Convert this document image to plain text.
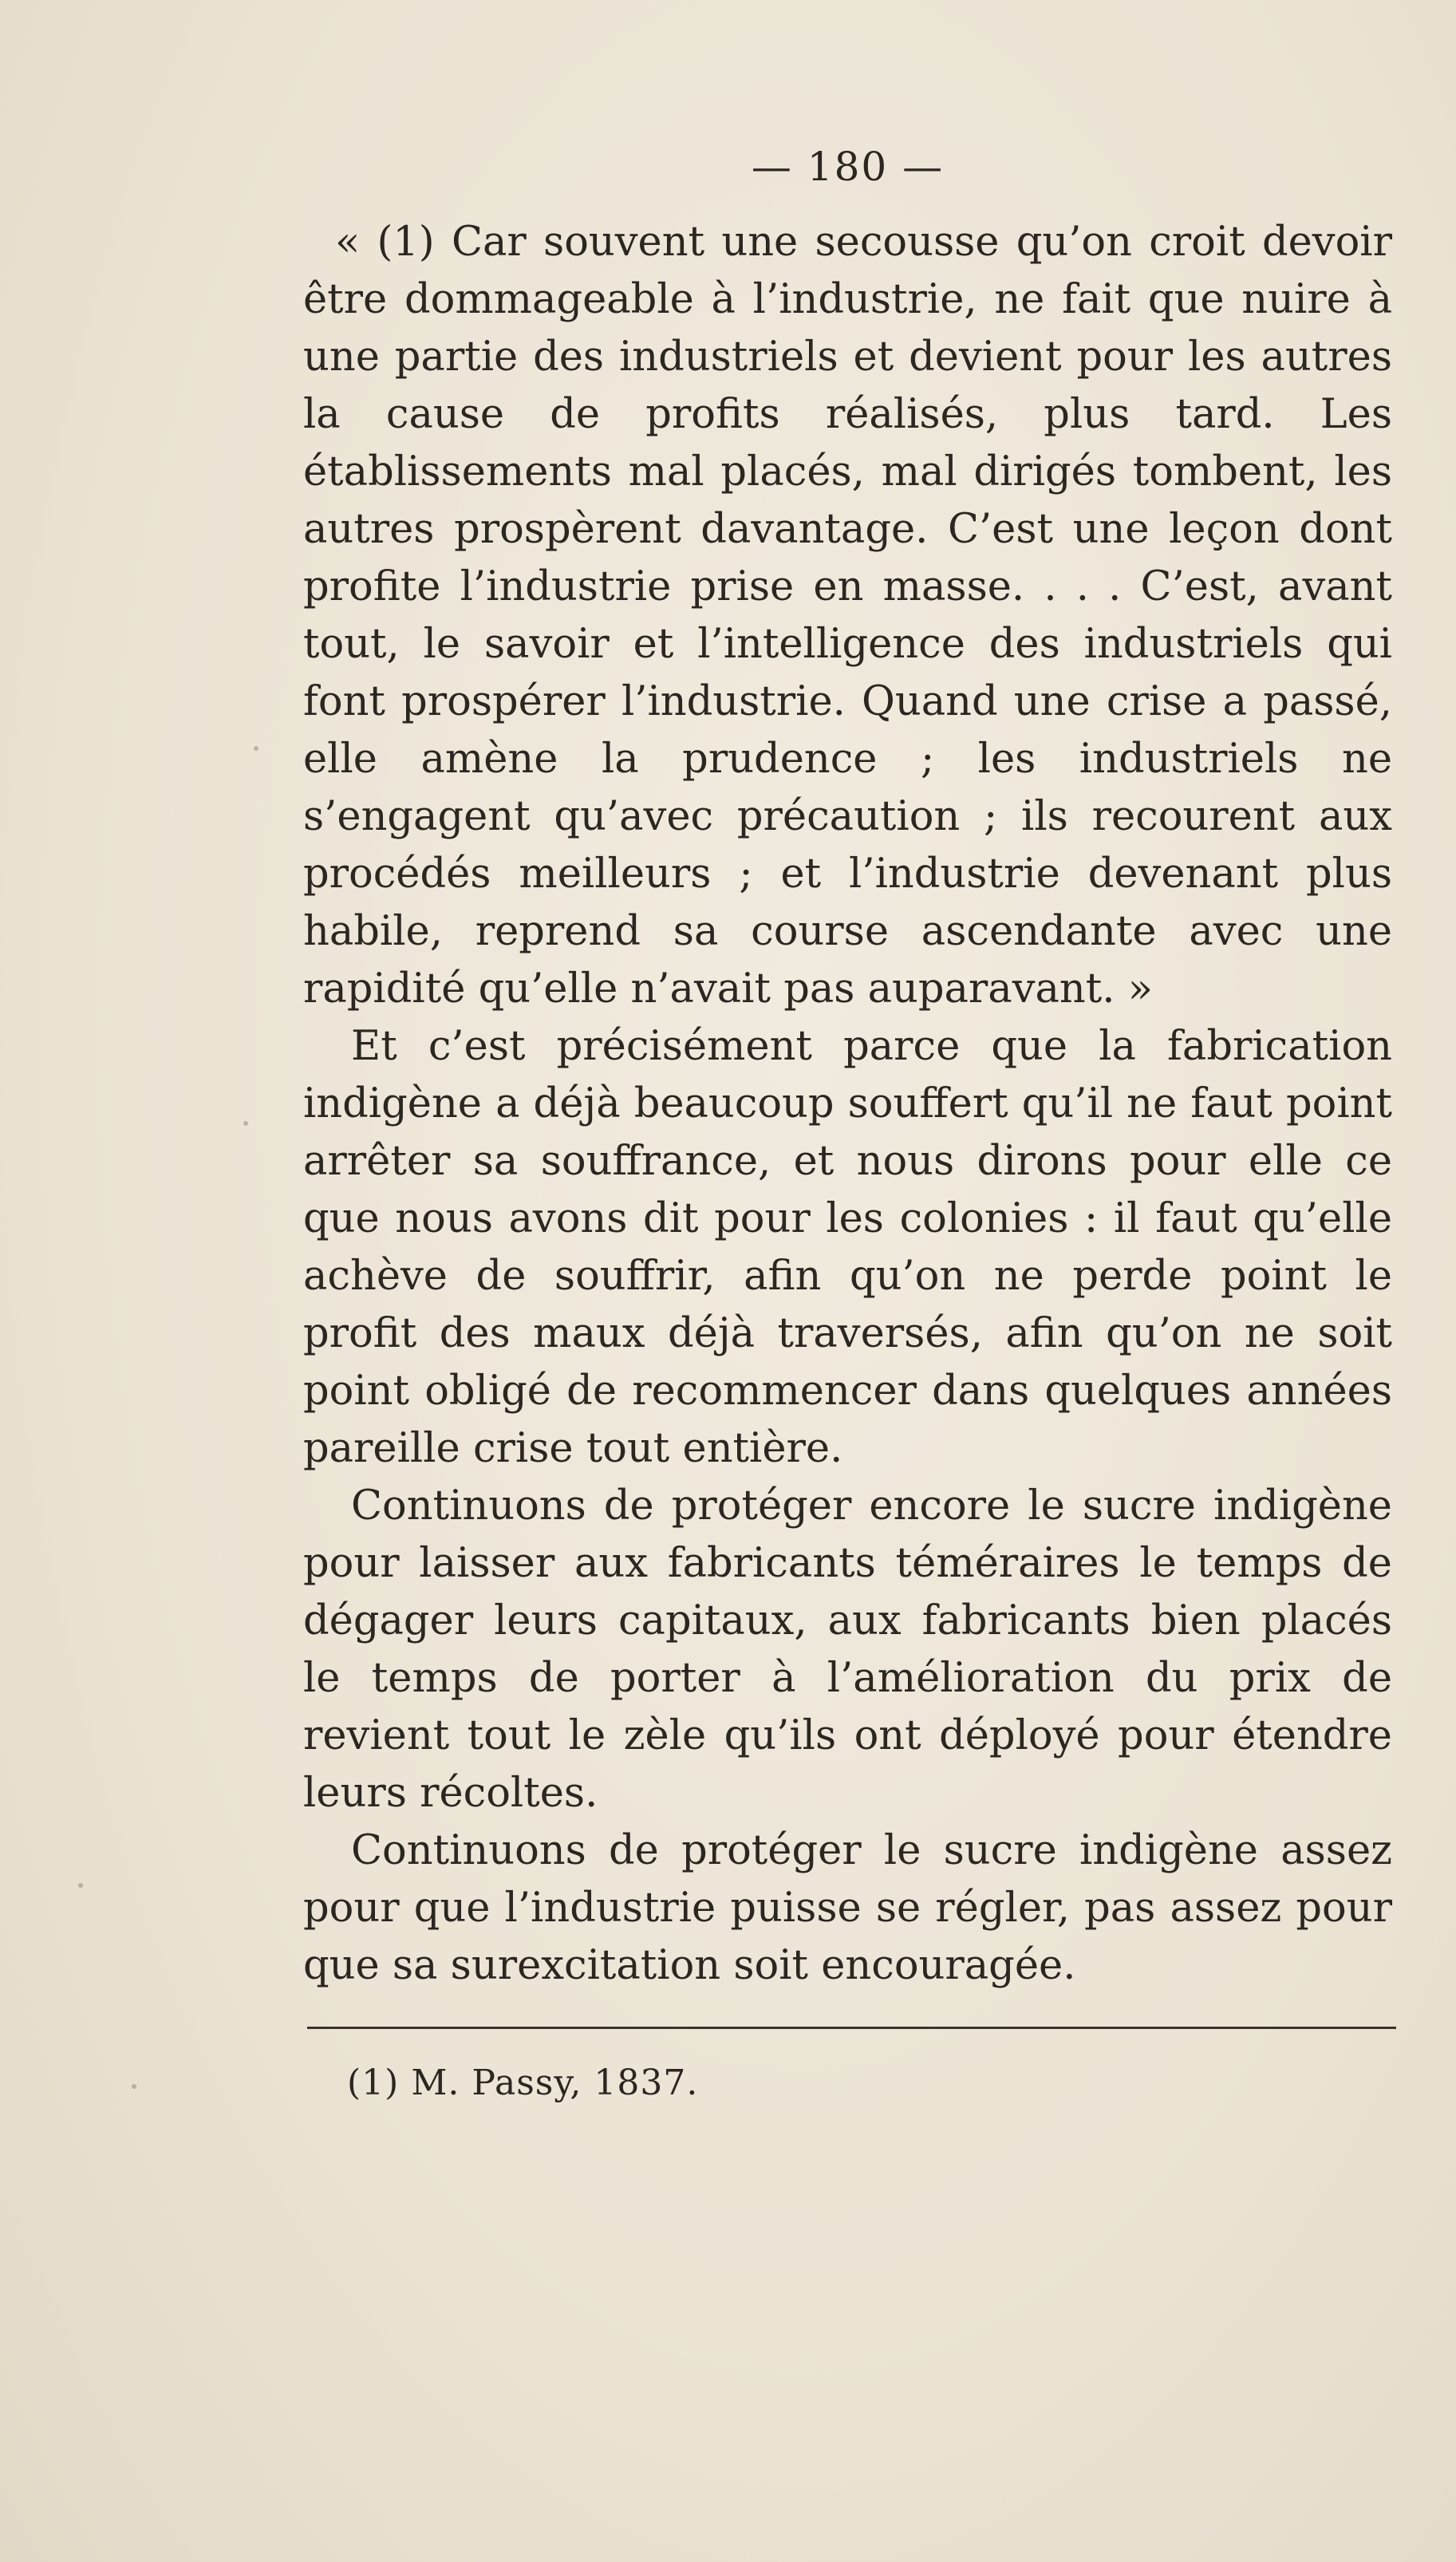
— 180 —

« (1) Car souvent une secousse qu’on croit devoir être dommageable à l’industrie, ne fait que nuire à une partie des industriels et devient pour les autres la cause de profits réalisés, plus tard. Les établissements mal placés, mal dirigés tombent, les autres prospèrent davantage. C’est une leçon dont profite l’industrie prise en masse. . . . C’est, avant tout, le savoir et l’intelligence des industriels qui font prospérer l’industrie. Quand une crise a passé, elle amène la prudence ; les industriels ne s’engagent qu’avec précaution ; ils recourent aux procédés meilleurs ; et l’industrie devenant plus habile, reprend sa course ascendante avec une rapidité qu’elle n’avait pas auparavant. »

Et c’est précisément parce que la fabrication indigène a déjà beaucoup souffert qu’il ne faut point arrêter sa souffrance, et nous dirons pour elle ce que nous avons dit pour les colonies : il faut qu’elle achève de souffrir, afin qu’on ne perde point le profit des maux déjà traversés, afin qu’on ne soit point obligé de recommencer dans quelques années pareille crise tout entière.

Continuons de protéger encore le sucre indigène pour laisser aux fabricants téméraires le temps de dégager leurs capitaux, aux fabricants bien placés le temps de porter à l’amélioration du prix de revient tout le zèle qu’ils ont déployé pour étendre leurs récoltes.

Continuons de protéger le sucre indigène assez pour que l’industrie puisse se régler, pas assez pour que sa surexcitation soit encouragée.

(1) M. Passy, 1837.
